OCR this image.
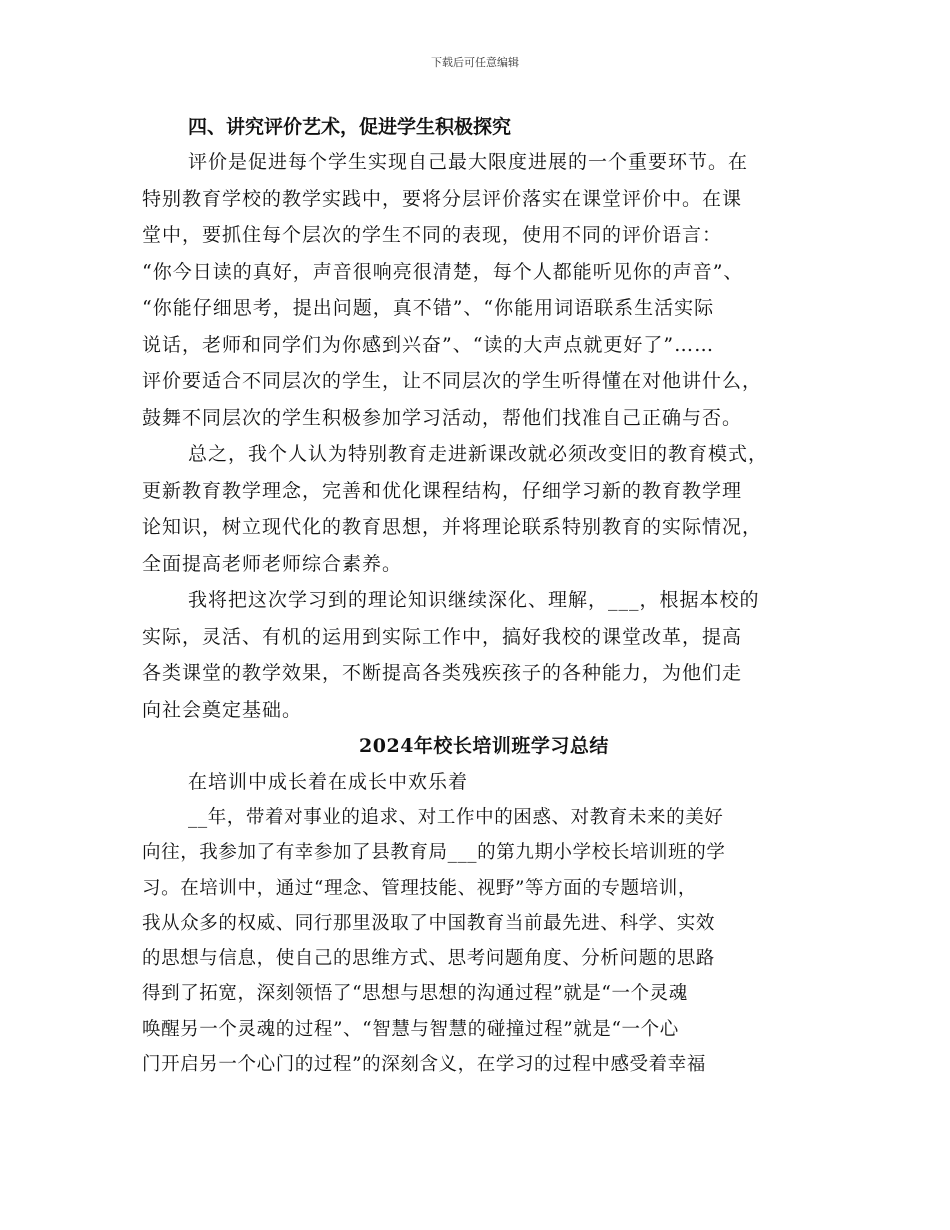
下载后可任意编辑
四、讲究评价艺术，促进学生积极探究

评价是促进每个学生实现自己最大限度进展的一个重要环节。在
特别教育学校的教学实践中，要将分层评价落实在课堂评价中。在课
堂中，要抓住每个层次的学生不同的表现，使用不同的评价语言：
“你今日读的真好，声音很响亮很清楚，每个人都能听见你的声音”、
“你能仔细思考，提出问题，真不错”、“你能用词语联系生活实际
说话，老师和同学们为你感到兴奋”、“读的大声点就更好了”……
评价要适合不同层次的学生，让不同层次的学生听得懂在对他讲什么，
鼓舞不同层次的学生积极参加学习活动，帮他们找准自己正确与否。

总之，我个人认为特别教育走进新课改就必须改变旧的教育模式，
更新教育教学理念，完善和优化课程结构，仔细学习新的教育教学理
论知识，树立现代化的教育思想，并将理论联系特别教育的实际情况，
全面提高老师老师综合素养。

我将把这次学习到的理论知识继续深化、理解，___，根据本校的
实际，灵活、有机的运用到实际工作中，搞好我校的课堂改革，提高
各类课堂的教学效果，不断提高各类残疾孩子的各种能力，为他们走
向社会奠定基础。

2024年校长培训班学习总结
在培训中成长着在成长中欢乐着

__年，带着对事业的追求、对工作中的困惑、对教育未来的美好
向往，我参加了有幸参加了县教育局___的第九期小学校长培训班的学
习。在培训中，通过“理念、管理技能、视野”等方面的专题培训，
我从众多的权威、同行那里汲取了中国教育当前最先进、科学、实效
的思想与信息，使自己的思维方式、思考问题角度、分析问题的思路
得到了拓宽，深刻领悟了“思想与思想的沟通过程”就是“一个灵魂
唤醒另一个灵魂的过程”、“智慧与智慧的碰撞过程”就是“一个心
门开启另一个心门的过程”的深刻含义，在学习的过程中感受着幸福
